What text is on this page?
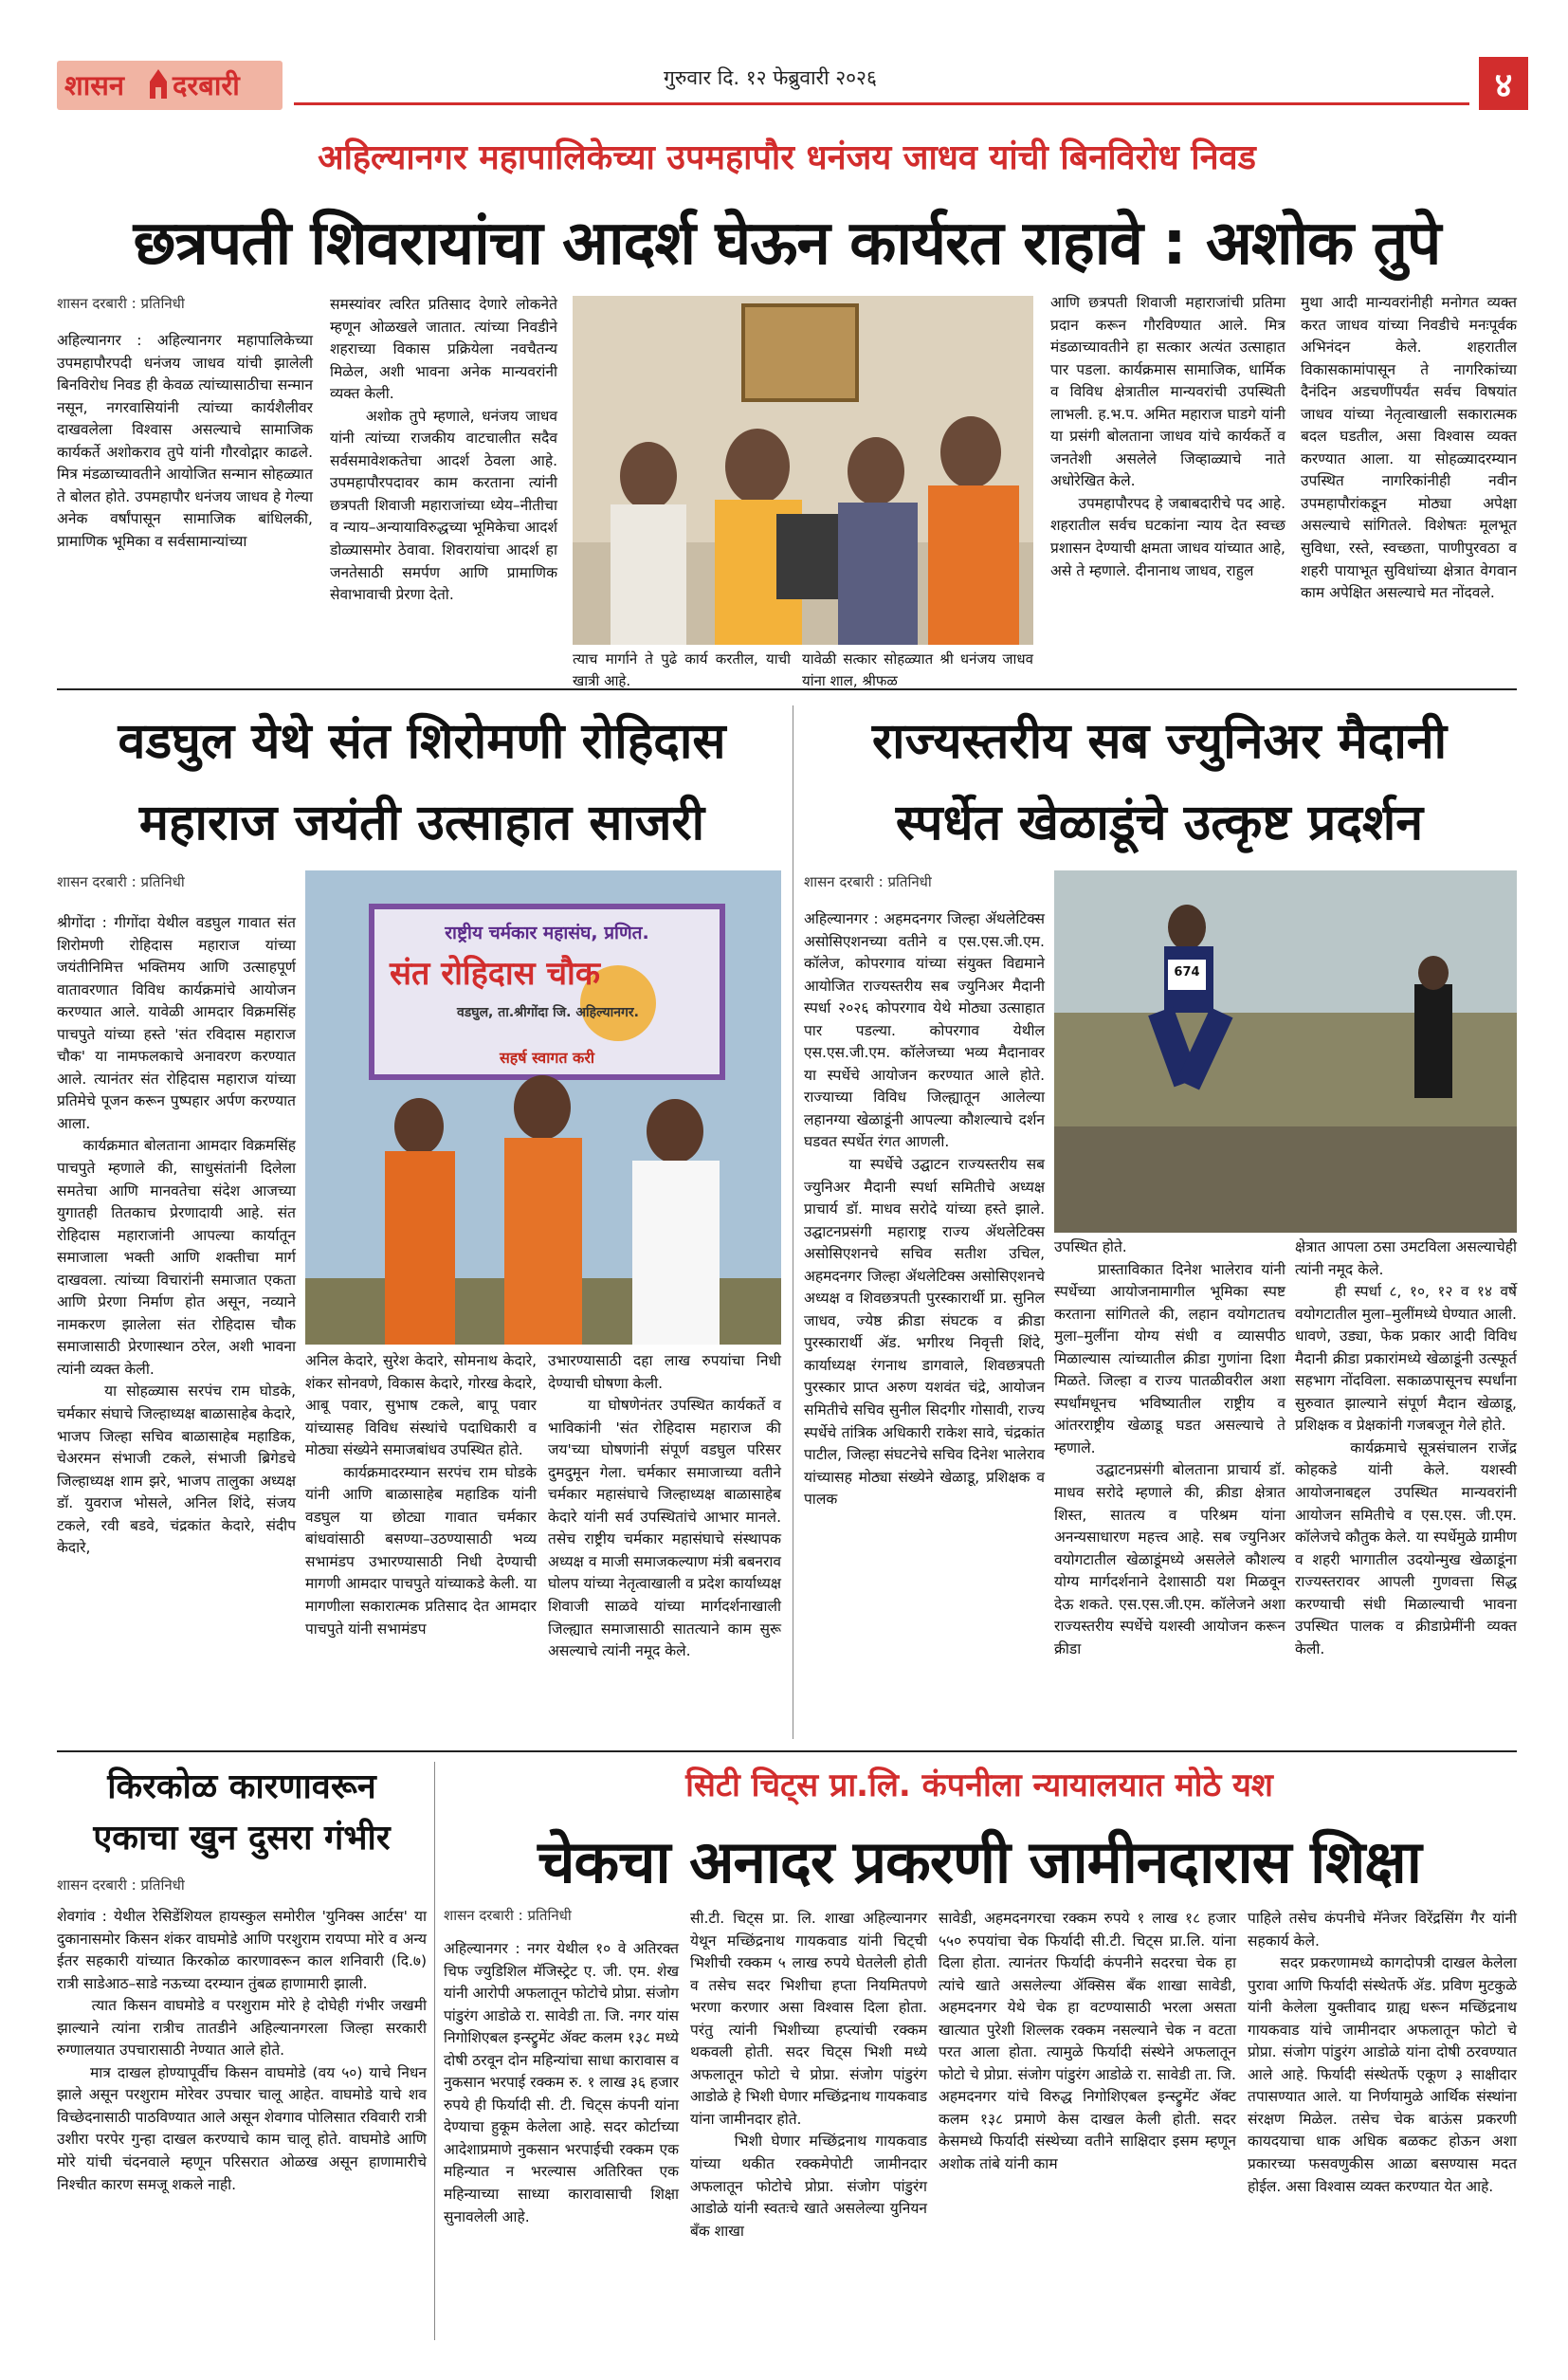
शासन दरबारी	गुरुवार दि. १२ फेब्रुवारी २०२६	४
अहिल्यानगर महापालिकेच्या उपमहापौर धनंजय जाधव यांची बिनविरोध निवड
छत्रपती शिवरायांचा आदर्श घेऊन कार्यरत राहावे : अशोक तुपे
शासन दरबारी : प्रतिनिधी
अहिल्यानगर : अहिल्यानगर महापालिकेच्या उपमहापौरपदी धनंजय जाधव यांची झालेली बिनविरोध निवड ही केवळ त्यांच्यासाठीचा सन्मान नसून, नगरवासियांनी त्यांच्या कार्यशैलीवर दाखवलेला विश्वास असल्याचे सामाजिक कार्यकर्ते अशोकराव तुपे यांनी गौरवोद्गार काढले. मित्र मंडळाच्यावतीने आयोजित सन्मान सोहळ्यात ते बोलत होते. उपमहापौर धनंजय जाधव हे गेल्या अनेक वर्षांपासून सामाजिक बांधिलकी, प्रामाणिक भूमिका व सर्वसामान्यांच्या
समस्यांवर त्वरित प्रतिसाद देणारे लोकनेते म्हणून ओळखले जातात. त्यांच्या निवडीने शहराच्या विकास प्रक्रियेला नवचैतन्य मिळेल, अशी भावना अनेक मान्यवरांनी व्यक्त केली.
अशोक तुपे म्हणाले, धनंजय जाधव यांनी त्यांच्या राजकीय वाटचालीत सदैव सर्वसमावेशकतेचा आदर्श ठेवला आहे. उपमहापौरपदावर काम करताना त्यांनी छत्रपती शिवाजी महाराजांच्या ध्येय–नीतीचा व न्याय–अन्यायाविरुद्धच्या भूमिकेचा आदर्श डोळ्यासमोर ठेवावा. शिवरायांचा आदर्श हा जनतेसाठी समर्पण आणि प्रामाणिक सेवाभावाची प्रेरणा देतो.
त्याच मार्गाने ते पुढे कार्य करतील, याची खात्री आहे.
यावेळी सत्कार सोहळ्यात श्री धनंजय जाधव यांना शाल, श्रीफळ
आणि छत्रपती शिवाजी महाराजांची प्रतिमा प्रदान करून गौरविण्यात आले. मित्र मंडळाच्यावतीने हा सत्कार अत्यंत उत्साहात पार पडला. कार्यक्रमास सामाजिक, धार्मिक व विविध क्षेत्रातील मान्यवरांची उपस्थिती लाभली. ह.भ.प. अमित महाराज घाडगे यांनी या प्रसंगी बोलताना जाधव यांचे कार्यकर्ते व जनतेशी असलेले जिव्हाळ्याचे नाते अधोरेखित केले.
उपमहापौरपद हे जबाबदारीचे पद आहे. शहरातील सर्वच घटकांना न्याय देत स्वच्छ प्रशासन देण्याची क्षमता जाधव यांच्यात आहे, असे ते म्हणाले. दीनानाथ जाधव, राहुल
मुथा आदी मान्यवरांनीही मनोगत व्यक्त करत जाधव यांच्या निवडीचे मनःपूर्वक अभिनंदन केले. शहरातील विकासकामांपासून ते नागरिकांच्या दैनंदिन अडचणींपर्यंत सर्वच विषयांत जाधव यांच्या नेतृत्वाखाली सकारात्मक बदल घडतील, असा विश्वास व्यक्त करण्यात आला. या सोहळ्यादरम्यान उपस्थित नागरिकांनीही नवीन उपमहापौरांकडून मोठ्या अपेक्षा असल्याचे सांगितले. विशेषतः मूलभूत सुविधा, रस्ते, स्वच्छता, पाणीपुरवठा व शहरी पायाभूत सुविधांच्या क्षेत्रात वेगवान काम अपेक्षित असल्याचे मत नोंदवले.
वडघुल येथे संत शिरोमणी रोहिदास
महाराज जयंती उत्साहात साजरी
शासन दरबारी : प्रतिनिधी
श्रीगोंदा : गीगोंदा येथील वडघुल गावात संत शिरोमणी रोहिदास महाराज यांच्या जयंतीनिमित्त भक्तिमय आणि उत्साहपूर्ण वातावरणात विविध कार्यक्रमांचे आयोजन करण्यात आले. यावेळी आमदार विक्रमसिंह पाचपुते यांच्या हस्ते 'संत रविदास महाराज चौक' या नामफलकाचे अनावरण करण्यात आले. त्यानंतर संत रोहिदास महाराज यांच्या प्रतिमेचे पूजन करून पुष्पहार अर्पण करण्यात आला.
कार्यक्रमात बोलताना आमदार विक्रमसिंह पाचपुते म्हणाले की, साधुसंतांनी दिलेला समतेचा आणि मानवतेचा संदेश आजच्या युगातही तितकाच प्रेरणादायी आहे. संत रोहिदास महाराजांनी आपल्या कार्यातून समाजाला भक्ती आणि शक्तीचा मार्ग दाखवला. त्यांच्या विचारांनी समाजात एकता आणि प्रेरणा निर्माण होत असून, नव्याने नामकरण झालेला संत रोहिदास चौक समाजासाठी प्रेरणास्थान ठरेल, अशी भावना त्यांनी व्यक्त केली.
या सोहळ्यास सरपंच राम घोडके, चर्मकार संघाचे जिल्हाध्यक्ष बाळासाहेब केदारे, भाजप जिल्हा सचिव बाळासाहेब महाडिक, चेअरमन संभाजी टकले, संभाजी ब्रिगेडचे जिल्हाध्यक्ष शाम झरे, भाजप तालुका अध्यक्ष डॉ. युवराज भोसले, अनिल शिंदे, संजय टकले, रवी बडवे, चंद्रकांत केदारे, संदीप केदारे,
राष्ट्रीय चर्मकार महासंघ, प्रणित.
संत रोहिदास चौक
वडघुल, ता.श्रीगोंदा जि. अहिल्यानगर.
सहर्ष स्वागत करी
अनिल केदारे, सुरेश केदारे, सोमनाथ केदारे, शंकर सोनवणे, विकास केदारे, गोरख केदारे, आबू पवार, सुभाष टकले, बापू पवार यांच्यासह विविध संस्थांचे पदाधिकारी व मोठ्या संख्येने समाजबांधव उपस्थित होते.
कार्यक्रमादरम्यान सरपंच राम घोडके यांनी आणि बाळासाहेब महाडिक यांनी वडघुल या छोट्या गावात चर्मकार बांधवांसाठी बसण्या–उठण्यासाठी भव्य सभामंडप उभारण्यासाठी निधी देण्याची मागणी आमदार पाचपुते यांच्याकडे केली. या मागणीला सकारात्मक प्रतिसाद देत आमदार पाचपुते यांनी सभामंडप
उभारण्यासाठी दहा लाख रुपयांचा निधी देण्याची घोषणा केली.
या घोषणेनंतर उपस्थित कार्यकर्ते व भाविकांनी 'संत रोहिदास महाराज की जय'च्या घोषणांनी संपूर्ण वडघुल परिसर दुमदुमून गेला. चर्मकार समाजाच्या वतीने चर्मकार महासंघाचे जिल्हाध्यक्ष बाळासाहेब केदारे यांनी सर्व उपस्थितांचे आभार मानले. तसेच राष्ट्रीय चर्मकार महासंघाचे संस्थापक अध्यक्ष व माजी समाजकल्याण मंत्री बबनराव घोलप यांच्या नेतृत्वाखाली व प्रदेश कार्याध्यक्ष शिवाजी साळवे यांच्या मार्गदर्शनाखाली जिल्ह्यात समाजासाठी सातत्याने काम सुरू असल्याचे त्यांनी नमूद केले.
राज्यस्तरीय सब ज्युनिअर मैदानी
स्पर्धेत खेळाडूंचे उत्कृष्ट प्रदर्शन
शासन दरबारी : प्रतिनिधी
अहिल्यानगर : अहमदनगर जिल्हा ॲथलेटिक्स असोसिएशनच्या वतीने व एस.एस.जी.एम. कॉलेज, कोपरगाव यांच्या संयुक्त विद्यमाने आयोजित राज्यस्तरीय सब ज्युनिअर मैदानी स्पर्धा २०२६ कोपरगाव येथे मोठ्या उत्साहात पार पडल्या. कोपरगाव येथील एस.एस.जी.एम. कॉलेजच्या भव्य मैदानावर या स्पर्धेचे आयोजन करण्यात आले होते. राज्याच्या विविध जिल्ह्यातून आलेल्या लहानग्या खेळाडूंनी आपल्या कौशल्याचे दर्शन घडवत स्पर्धेत रंगत आणली.
या स्पर्धेचे उद्घाटन राज्यस्तरीय सब ज्युनिअर मैदानी स्पर्धा समितीचे अध्यक्ष प्राचार्य डॉ. माधव सरोदे यांच्या हस्ते झाले. उद्घाटनप्रसंगी महाराष्ट्र राज्य ॲथलेटिक्स असोसिएशनचे सचिव सतीश उचिल, अहमदनगर जिल्हा ॲथलेटिक्स असोसिएशनचे अध्यक्ष व शिवछत्रपती पुरस्कारार्थी प्रा. सुनिल जाधव, ज्येष्ठ क्रीडा संघटक व क्रीडा पुरस्कारार्थी ॲड. भगीरथ निवृत्ती शिंदे, कार्याध्यक्ष रंगनाथ डागवाले, शिवछत्रपती पुरस्कार प्राप्त अरुण यशवंत चंद्रे, आयोजन समितीचे सचिव सुनील सिदगीर गोसावी, राज्य स्पर्धेचे तांत्रिक अधिकारी राकेश सावे, चंद्रकांत पाटील, जिल्हा संघटनेचे सचिव दिनेश भालेराव यांच्यासह मोठ्या संख्येने खेळाडू, प्रशिक्षक व पालक
674
उपस्थित होते.
प्रास्ताविकात दिनेश भालेराव यांनी स्पर्धेच्या आयोजनामागील भूमिका स्पष्ट करताना सांगितले की, लहान वयोगटातच मुला–मुलींना योग्य संधी व व्यासपीठ मिळाल्यास त्यांच्यातील क्रीडा गुणांना दिशा मिळते. जिल्हा व राज्य पातळीवरील अशा स्पर्धांमधूनच भविष्यातील राष्ट्रीय व आंतरराष्ट्रीय खेळाडू घडत असल्याचे ते म्हणाले.
उद्घाटनप्रसंगी बोलताना प्राचार्य डॉ. माधव सरोदे म्हणाले की, क्रीडा क्षेत्रात शिस्त, सातत्य व परिश्रम यांना अनन्यसाधारण महत्त्व आहे. सब ज्युनिअर वयोगटातील खेळाडूंमध्ये असलेले कौशल्य योग्य मार्गदर्शनाने देशासाठी यश मिळवून देऊ शकते. एस.एस.जी.एम. कॉलेजने अशा राज्यस्तरीय स्पर्धेचे यशस्वी आयोजन करून क्रीडा
क्षेत्रात आपला ठसा उमटविला असल्याचेही त्यांनी नमूद केले.
ही स्पर्धा ८, १०, १२ व १४ वर्षे वयोगटातील मुला–मुलींमध्ये घेण्यात आली. धावणे, उड्या, फेक प्रकार आदी विविध मैदानी क्रीडा प्रकारांमध्ये खेळाडूंनी उत्स्फूर्त सहभाग नोंदविला. सकाळपासूनच स्पर्धांना सुरुवात झाल्याने संपूर्ण मैदान खेळाडू, प्रशिक्षक व प्रेक्षकांनी गजबजून गेले होते.
कार्यक्रमाचे सूत्रसंचालन राजेंद्र कोहकडे यांनी केले. यशस्वी आयोजनाबद्दल उपस्थित मान्यवरांनी आयोजन समितीचे व एस.एस. जी.एम. कॉलेजचे कौतुक केले. या स्पर्धेमुळे ग्रामीण व शहरी भागातील उदयोन्मुख खेळाडूंना राज्यस्तरावर आपली गुणवत्ता सिद्ध करण्याची संधी मिळाल्याची भावना उपस्थित पालक व क्रीडाप्रेमींनी व्यक्त केली.
किरकोळ कारणावरून
एकाचा खुन दुसरा गंभीर
शासन दरबारी : प्रतिनिधी
शेवगांव : येथील रेसिडेंशियल हायस्कुल समोरील 'युनिक्स आर्टस' या दुकानासमोर किसन शंकर वाघमोडे आणि परशुराम रायप्पा मोरे व अन्य ईतर सहकारी यांच्यात किरकोळ कारणावरून काल शनिवारी (दि.७) रात्री साडेआठ–साडे नऊच्या दरम्यान तुंबळ हाणामारी झाली.
त्यात किसन वाघमोडे व परशुराम मोरे हे दोघेही गंभीर जखमी झाल्याने त्यांना रात्रीच तातडीने अहिल्यानगरला जिल्हा सरकारी रुग्णालयात उपचारासाठी नेण्यात आले होते.
मात्र दाखल होण्यापूर्वीच किसन वाघमोडे (वय ५०) याचे निधन झाले असून परशुराम मोरेवर उपचार चालू आहेत. वाघमोडे याचे शव विच्छेदनासाठी पाठविण्यात आले असून शेवगाव पोलिसात रविवारी रात्री उशीरा परपेर गुन्हा दाखल करण्याचे काम चालू होते. वाघमोडे आणि मोरे यांची चंदनवाले म्हणून परिसरात ओळख असून हाणामारीचे निश्चीत कारण समजू शकले नाही.
सिटी चिट्स प्रा.लि. कंपनीला न्यायालयात मोठे यश
चेकचा अनादर प्रकरणी जामीनदारास शिक्षा
शासन दरबारी : प्रतिनिधी
अहिल्यानगर : नगर येथील १० वे अतिरक्त चिफ ज्युडिशिल मॅजिस्ट्रेट ए. जी. एम. शेख यांनी आरोपी अफलातून फोटोचे प्रोप्रा. संजोग पांडुरंग आडोळे रा. सावेडी ता. जि. नगर यांस निगोशिएबल इन्स्ट्रुमेंट ॲक्ट कलम १३८ मध्ये दोषी ठरवून दोन महिन्यांचा साधा कारावास व नुकसान भरपाई रक्कम रु. १ लाख ३६ हजार रुपये ही फिर्यादी सी. टी. चिट्स कंपनी यांना देण्याचा हुकूम केलेला आहे. सदर कोर्टाच्या आदेशाप्रमाणे नुकसान भरपाईची रक्कम एक महिन्यात न भरल्यास अतिरिक्त एक महिन्याच्या साध्या कारावासाची शिक्षा सुनावलेली आहे.
सी.टी. चिट्स प्रा. लि. शाखा अहिल्यानगर येथून मच्छिंद्रनाथ गायकवाड यांनी चिट्ची भिशीची रक्कम ५ लाख रुपये घेतलेली होती व तसेच सदर भिशीचा हप्ता नियमितपणे भरणा करणार असा विश्वास दिला होता. परंतु त्यांनी भिशीच्या हप्त्यांची रक्कम थकवली होती. सदर चिट्स भिशी मध्ये अफलातून फोटो चे प्रोप्रा. संजोग पांडुरंग आडोळे हे भिशी घेणार मच्छिंद्रनाथ गायकवाड यांना जामीनदार होते.
भिशी घेणार मच्छिंद्रनाथ गायकवाड यांच्या थकीत रक्कमेपोटी जामीनदार अफलातून फोटोचे प्रोप्रा. संजोग पांडुरंग आडोळे यांनी स्वतःचे खाते असलेल्या युनियन बँक शाखा
सावेडी, अहमदनगरचा रक्कम रुपये १ लाख १८ हजार ५५० रुपयांचा चेक फिर्यादी सी.टी. चिट्स प्रा.लि. यांना दिला होता. त्यानंतर फिर्यादी कंपनीने सदरचा चेक हा त्यांचे खाते असलेल्या ॲक्सिस बँक शाखा सावेडी, अहमदनगर येथे चेक हा वटण्यासाठी भरला असता खात्यात पुरेशी शिल्लक रक्कम नसल्याने चेक न वटता परत आला होता. त्यामुळे फिर्यादी संस्थेने अफलातून फोटो चे प्रोप्रा. संजोग पांडुरंग आडोळे रा. सावेडी ता. जि. अहमदनगर यांचे विरुद्ध निगोशिएबल इन्स्ट्रुमेंट ॲक्ट कलम १३८ प्रमाणे केस दाखल केली होती. सदर केसमध्ये फिर्यादी संस्थेच्या वतीने साक्षिदार इसम म्हणून अशोक तांबे यांनी काम
पाहिले तसेच कंपनीचे मॅनेजर विरेंद्रसिंग गैर यांनी सहकार्य केले.
सदर प्रकरणामध्ये कागदोपत्री दाखल केलेला पुरावा आणि फिर्यादी संस्थेतर्फे ॲड. प्रविण मुटकुळे यांनी केलेला युक्तीवाद ग्राह्य धरून मच्छिंद्रनाथ गायकवाड यांचे जामीनदार अफलातून फोटो चे प्रोप्रा. संजोग पांडुरंग आडोळे यांना दोषी ठरवण्यात आले आहे. फिर्यादी संस्थेतर्फे एकूण ३ साक्षीदार तपासण्यात आले. या निर्णयामुळे आर्थिक संस्थांना संरक्षण मिळेल. तसेच चेक बाऊंस प्रकरणी कायदयाचा धाक अधिक बळकट होऊन अशा प्रकारच्या फसवणुकीस आळा बसण्यास मदत होईल. असा विश्वास व्यक्त करण्यात येत आहे.
